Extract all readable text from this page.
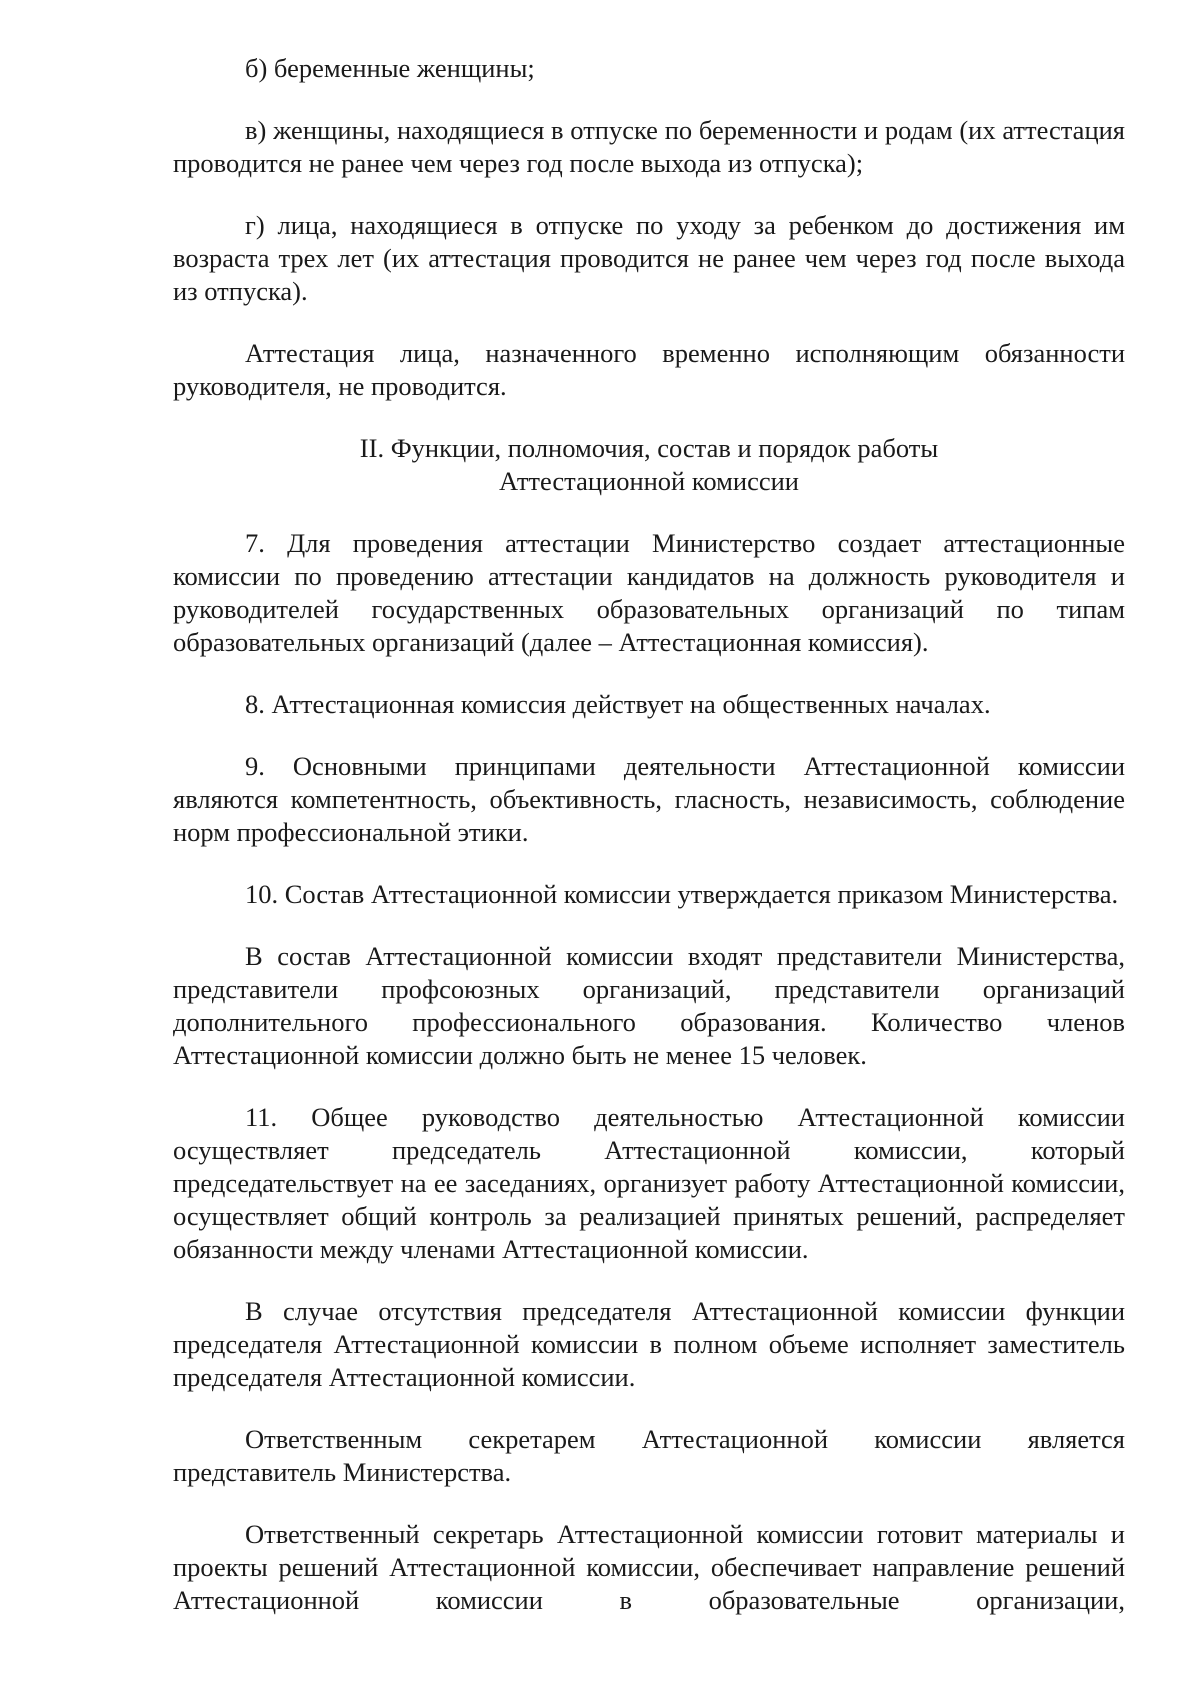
б) беременные женщины;

в) женщины, находящиеся в отпуске по беременности и родам (их аттестация проводится не ранее чем через год после выхода из отпуска);

г) лица, находящиеся в отпуске по уходу за ребенком до достижения им возраста трех лет (их аттестация проводится не ранее чем через год после выхода из отпуска).

Аттестация лица, назначенного временно исполняющим обязанности руководителя, не проводится.

II. Функции, полномочия, состав и порядок работы
Аттестационной комиссии

7. Для проведения аттестации Министерство создает аттестационные комиссии по проведению аттестации кандидатов на должность руководителя и руководителей государственных образовательных организаций по типам образовательных организаций (далее – Аттестационная комиссия).

8. Аттестационная комиссия действует на общественных началах.

9. Основными принципами деятельности Аттестационной комиссии являются компетентность, объективность, гласность, независимость, соблюдение норм профессиональной этики.

10. Состав Аттестационной комиссии утверждается приказом Министерства.

В состав Аттестационной комиссии входят представители Министерства, представители профсоюзных организаций, представители организаций дополнительного профессионального образования. Количество членов Аттестационной комиссии должно быть не менее 15 человек.

11. Общее руководство деятельностью Аттестационной комиссии осуществляет председатель Аттестационной комиссии, который председательствует на ее заседаниях, организует работу Аттестационной комиссии, осуществляет общий контроль за реализацией принятых решений, распределяет обязанности между членами Аттестационной комиссии.

В случае отсутствия председателя Аттестационной комиссии функции председателя Аттестационной комиссии в полном объеме исполняет заместитель председателя Аттестационной комиссии.

Ответственным секретарем Аттестационной комиссии является представитель Министерства.

Ответственный секретарь Аттестационной комиссии готовит материалы и проекты решений Аттестационной комиссии, обеспечивает направление решений Аттестационной комиссии в образовательные организации,
